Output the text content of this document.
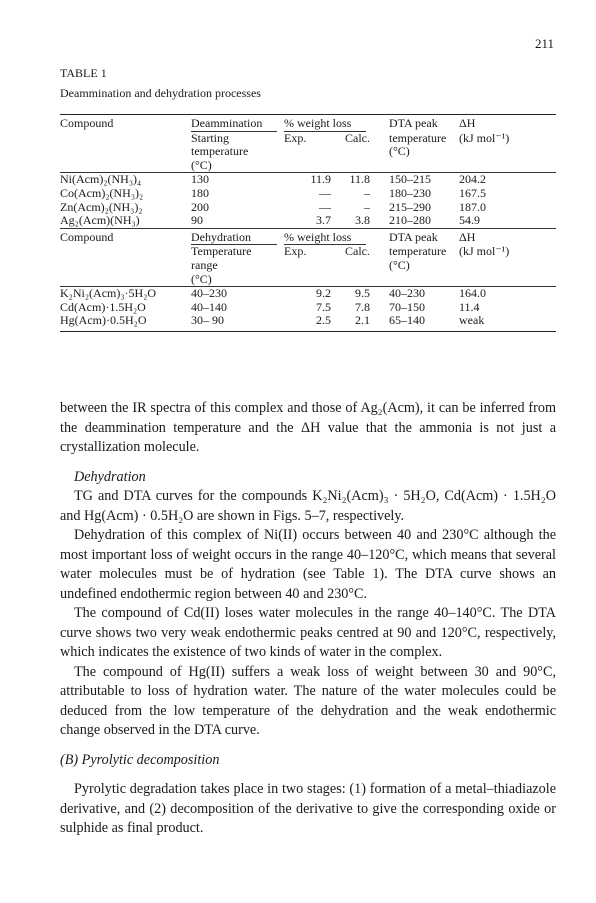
211
TABLE 1
Deammination and dehydration processes
Compound	Deammination	% weight loss			DTA peak	ΔH
	Starting	Exp.	Calc.		temperature	(kJ mol⁻¹)
	temperature				(°C)	
	(°C)					
Ni(Acm)₂(NH₃)₄	130	11.9	11.8		150–215	204.2
Co(Acm)₂(NH₃)₂	180	—	–		180–230	167.5
Zn(Acm)₂(NH₃)₂	200	—	–		215–290	187.0
Ag₂(Acm)(NH₃)	90	3.7	3.8		210–280	54.9
Compound	Dehydration	% weight loss			DTA peak	ΔH
	Temperature	Exp.	Calc.		temperature	(kJ mol⁻¹)
	range				(°C)	
	(°C)					
K₂Ni₂(Acm)₃·5H₂O	40–230	9.2	9.5		40–230	164.0
Cd(Acm)·1.5H₂O	40–140	7.5	7.8		70–150	11.4
Hg(Acm)·0.5H₂O	30– 90	2.5	2.1		65–140	weak

between the IR spectra of this complex and those of Ag₂(Acm), it can be inferred from the deammination temperature and the ΔH value that the ammonia is not just a crystallization molecule.

Dehydration

TG and DTA curves for the compounds K₂Ni₂(Acm)₃ · 5H₂O, Cd(Acm) · 1.5H₂O and Hg(Acm) · 0.5H₂O are shown in Figs. 5–7, respectively.

Dehydration of this complex of Ni(II) occurs between 40 and 230°C although the most important loss of weight occurs in the range 40–120°C, which means that several water molecules must be of hydration (see Table 1). The DTA curve shows an undefined endothermic region between 40 and 230°C.

The compound of Cd(II) loses water molecules in the range 40–140°C. The DTA curve shows two very weak endothermic peaks centred at 90 and 120°C, respectively, which indicates the existence of two kinds of water in the complex.

The compound of Hg(II) suffers a weak loss of weight between 30 and 90°C, attributable to loss of hydration water. The nature of the water molecules could be deduced from the low temperature of the dehydration and the weak endothermic change observed in the DTA curve.

(B) Pyrolytic decomposition

Pyrolytic degradation takes place in two stages: (1) formation of a metal–thiadiazole derivative, and (2) decomposition of the derivative to give the corresponding oxide or sulphide as final product.
